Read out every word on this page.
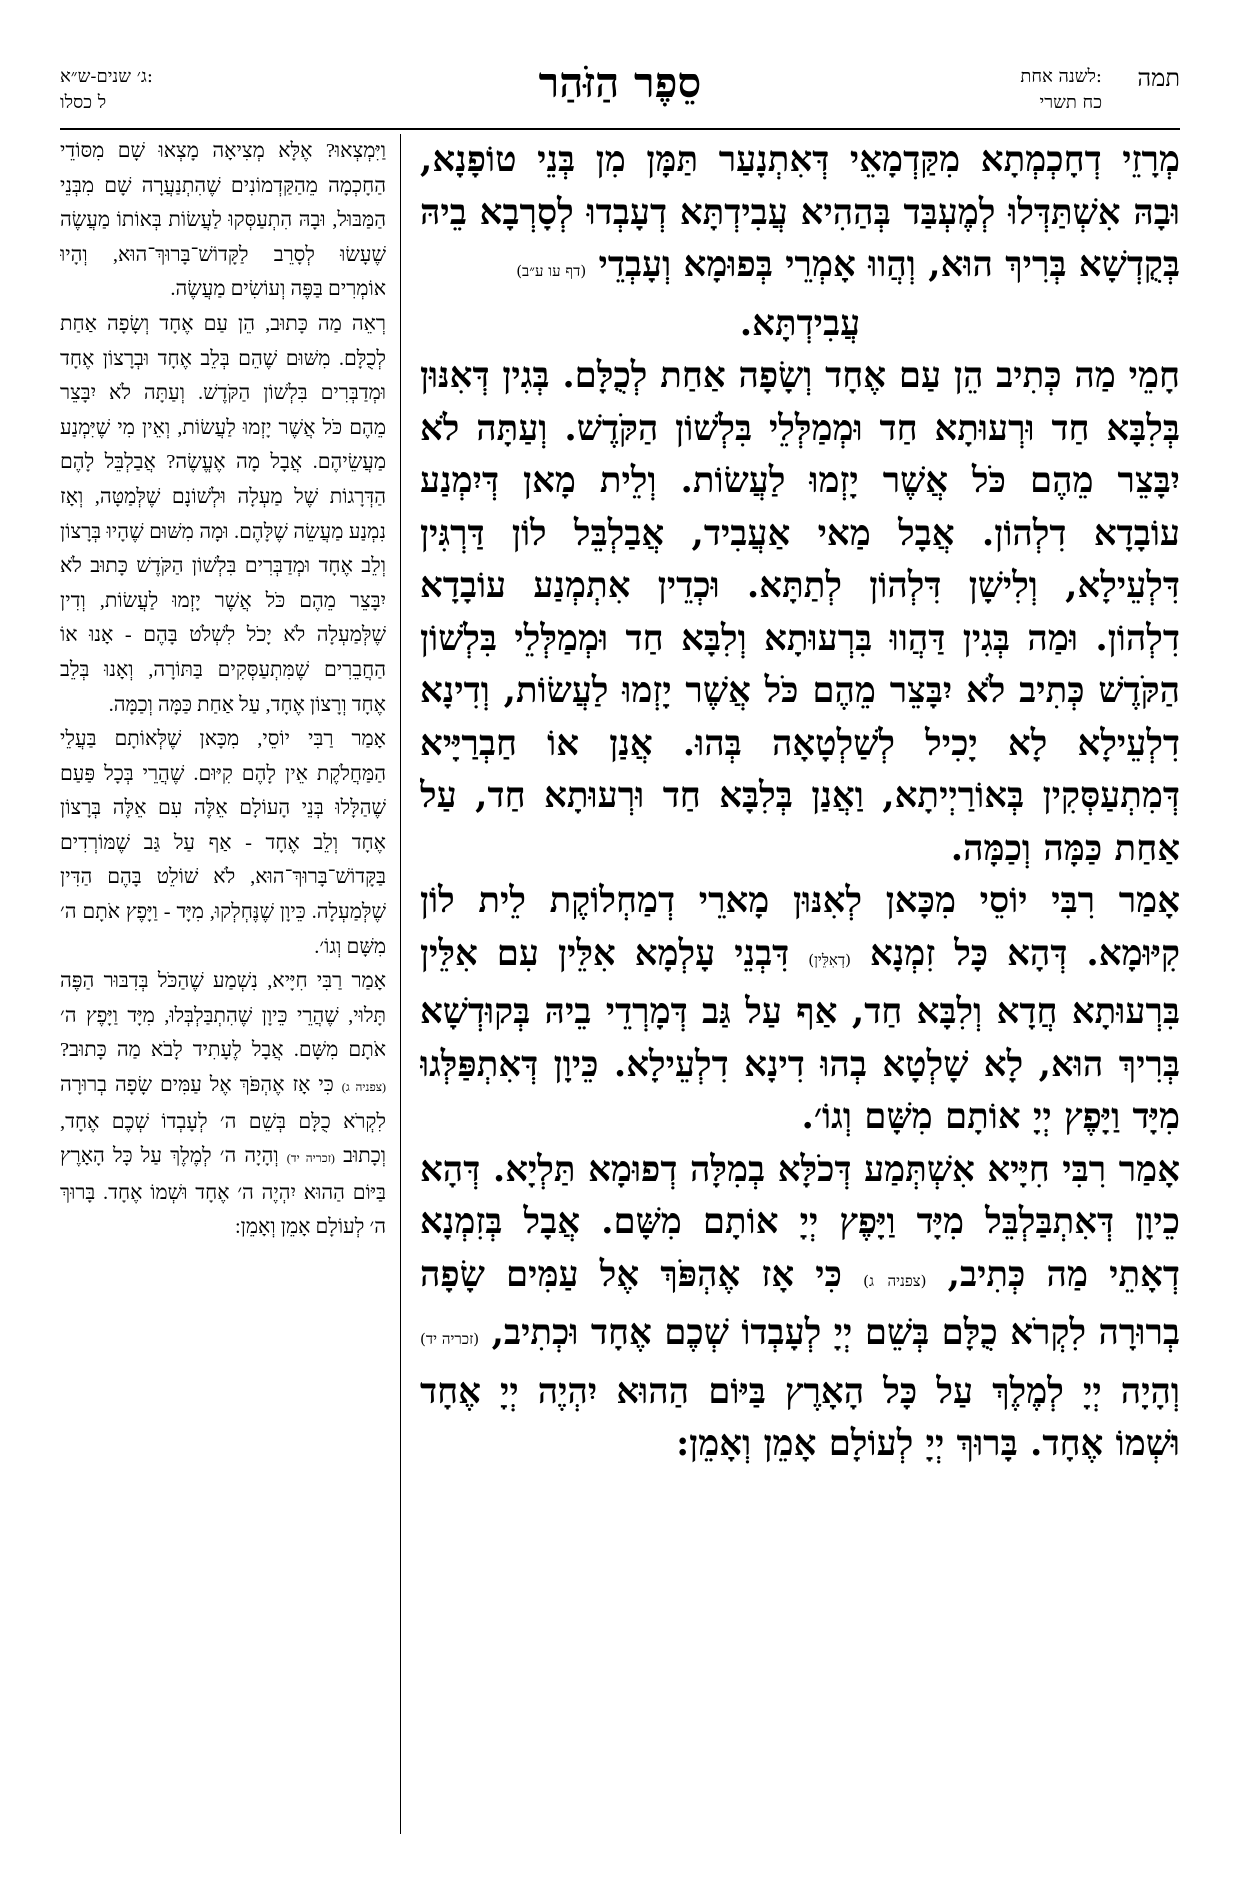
תמה
לשנה אחת:
כח תשרי
סֵפֶר הַזֹּהַר
ג׳ שנים-ש״א:
ל כסלו

מְרָזֵי דְחָכְמְתָא מִקַּדְמָאֵי דְּאִתְנָעַר תַּמָּן מִן בְּנֵי טוֹפָנָא, וּבָהּ אִשְׁתַּדְּלוּ לְמֶעְבַּד בְּהַהִיא עֲבִידְתָּא דְעָבְדוּ לְסָרְבָא בֵיהּ בְּקֻדְשָׁא בְּרִיךְ הוּא, וְהֲווּ אָמְרֵי בְּפוּמָא וְעָבְדֵי (דף עו ע״ב)

עֲבִידְתָּא.

חָמֵי מַה כְּתִיב הֵן עַם אֶחָד וְשָׂפָה אַחַת לְכֻלָּם. בְּגִין דְּאִנּוּן בְּלִבָּא חַד וּרְעוּתָא חַד וּמְמַלְּלֵי בִּלְשׁוֹן הַקֹּדֶשׁ. וְעַתָּה לֹא יִבָּצֵר מֵהֶם כֹּל אֲשֶׁר יָזְמוּ לַעֲשׂוֹת. וְלֵית מָאן דְּיִמְנַע עוֹבָדָא דִלְהוֹן. אֲבָל מַאי אַעֲבִיד, אֲבַלְבֵּל לוֹן דַּרְגִּין דִּלְעֵילָא, וְלִישָׁן דִּלְהוֹן לְתַתָּא. וּכְדֵין אִתְמְנַע עוֹבָדָא דִלְהוֹן. וּמַה בְּגִין דַּהֲווּ בִּרְעוּתָא וְלִבָּא חַד וּמְמַלְּלֵי בִּלְשׁוֹן הַקֹּדֶשׁ כְּתִיב לֹא יִבָּצֵר מֵהֶם כֹּל אֲשֶׁר יָזְמוּ לַעֲשׂוֹת, וְדִינָא דִלְעֵילָא לָא יָכִיל לְשַׁלְטָאָה בְּהוּ. אֲנַן אוֹ חַבְרַיָּיא דְּמִתְעַסְּקִין בְּאוֹרַיְיתָא, וַאֲנַן בְּלִבָּא חַד וּרְעוּתָא חַד, עַל אַחַת כַּמָּה וְכַמָּה.

אָמַר רִבִּי יוֹסֵי מִכָּאן לְאִנּוּן מָארֵי דְמַחְלוֹקֶת לֵית לוֹן קִיּוּמָא. דְּהָא כָּל זִמְנָא (דְאִלֵּין) דִּבְנֵי עָלְמָא אִלֵּין עִם אִלֵּין בִּרְעוּתָא חֲדָא וְלִבָּא חַד, אַף עַל גַּב דְּמָרְדֵי בֵיהּ בְּקוּדְשָׁא בְּרִיךְ הוּא, לָא שָׁלְטָא בְהוּ דִינָא דִלְעֵילָא. כֵּיוָן דְּאִתְפַּלְּגוּ מִיָּד וַיָּפֶץ יְיָ אוֹתָם מִשָּׁם וְגוֹ׳.

אָמַר רִבִּי חִיָּיא אִשְׁתְּמַע דְּכֹלָּא בְמִלָּה דְפוּמָא תַּלְיָא. דְּהָא כֵיוָן דְּאִתְבַּלְבֵּל מִיָּד וַיָּפֶץ יְיָ אוֹתָם מִשָּׁם. אֲבָל בְּזִמְנָא דְאָתֵי מַה כְּתִיב, (צפניה ג) כִּי אָז אֶהְפֹּךְ אֶל עַמִּים שָׂפָה בְרוּרָה לִקְרֹא כֻלָּם בְּשֵׁם יְיָ לְעָבְדוֹ שְׁכֶם אֶחָד וּכְתִיב, (זכריה יד) וְהָיָה יְיָ לְמֶלֶךְ עַל כָּל הָאָרֶץ בַּיּוֹם הַהוּא יִהְיֶה יְיָ אֶחָד וּשְׁמוֹ אֶחָד. בָּרוּךְ יְיָ לְעוֹלָם אָמֵן וְאָמֵן:

וַיִּמְצְאוּ? אֶלָּא מְצִיאָה מָצְאוּ שָׁם מִסּוֹדֵי הַחָכְמָה מֵהַקַּדְמוֹנִים שֶׁהִתְנַעֲרָה שָׁם מִבְּנֵי הַמַּבּוּל, וּבָהּ הִתְעַסְּקוּ לַעֲשׂוֹת בְּאוֹתוֹ מַעֲשֶׂה שֶׁעָשׂוּ לְסָרֵב לַקָּדוֹשׁ־בָּרוּךְ־הוּא, וְהָיוּ אוֹמְרִים בַּפֶּה וְעוֹשִׂים מַעֲשֶׂה.

רְאֵה מַה כָּתוּב, הֵן עַם אֶחָד וְשָׂפָה אַחַת לְכֻלָּם. מִשּׁוּם שֶׁהֵם בְּלֵב אֶחָד וּבְרָצוֹן אֶחָד וּמְדַבְּרִים בִּלְשׁוֹן הַקֹּדֶשׁ. וְעַתָּה לֹא יִבָּצֵר מֵהֶם כֹּל אֲשֶׁר יָזְמוּ לַעֲשׂוֹת, וְאֵין מִי שֶׁיִּמְנַע מַעֲשֵׂיהֶם. אֲבָל מָה אֶעֱשֶׂה? אֲבַלְבֵּל לָהֶם הַדְּרָגוֹת שֶׁל מַעְלָה וּלְשׁוֹנָם שֶׁלְּמַטָּה, וְאָז נִמְנַע מַעֲשֵׂה שֶׁלָּהֶם. וּמָה מִשּׁוּם שֶׁהָיוּ בְּרָצוֹן וְלֵב אֶחָד וּמְדַבְּרִים בִּלְשׁוֹן הַקֹּדֶשׁ כָּתוּב לֹא יִבָּצֵר מֵהֶם כֹּל אֲשֶׁר יָזְמוּ לַעֲשׂוֹת, וְדִין שֶׁלְּמַעְלָה לֹא יָכֹל לִשְׁלֹט בָּהֶם - אָנוּ אוֹ הַחֲבֵרִים שֶׁמִּתְעַסְּקִים בַּתּוֹרָה, וְאָנוּ בְּלֵב אֶחָד וְרָצוֹן אֶחָד, עַל אַחַת כַּמָּה וְכַמָּה.

אָמַר רַבִּי יוֹסֵי, מִכָּאן שֶׁלְּאוֹתָם בַּעֲלֵי הַמַּחֲלֹקֶת אֵין לָהֶם קִיּוּם. שֶׁהֲרֵי בְּכָל פַּעַם שֶׁהַלָּלוּ בְּנֵי הָעוֹלָם אֵלֶּה עִם אֵלֶּה בְּרָצוֹן אֶחָד וְלֵב אֶחָד - אַף עַל גַּב שֶׁמּוֹרְדִים בַּקָּדוֹשׁ־בָּרוּךְ־הוּא, לֹא שׁוֹלֵט בָּהֶם הַדִּין שֶׁלְּמַעְלָה. כֵּיוָן שֶׁנֶּחְלְקוּ, מִיָּד - וַיָּפֶץ אֹתָם ה׳ מִשָּׁם וְגוֹ׳.

אָמַר רַבִּי חִיָּיא, נִשְׁמַע שֶׁהַכֹּל בְּדִבּוּר הַפֶּה תָּלוּי, שֶׁהֲרֵי כֵּיוָן שֶׁהִתְבַּלְבְּלוּ, מִיָּד וַיָּפֶץ ה׳ אֹתָם מִשָּׁם. אֲבָל לֶעָתִיד לָבֹא מַה כָּתוּב? (צפניה ג) כִּי אָז אֶהְפֹּךְ אֶל עַמִּים שָׂפָה בְרוּרָה לִקְרֹא כֻלָּם בְּשֵׁם ה׳ לְעָבְדוֹ שְׁכֶם אֶחָד, וְכָתוּב (זכריה יד) וְהָיָה ה׳ לְמֶלֶךְ עַל כָּל הָאָרֶץ בַּיּוֹם הַהוּא יִהְיֶה ה׳ אֶחָד וּשְׁמוֹ אֶחָד. בָּרוּךְ ה׳ לְעוֹלָם אָמֵן וְאָמֵן:
